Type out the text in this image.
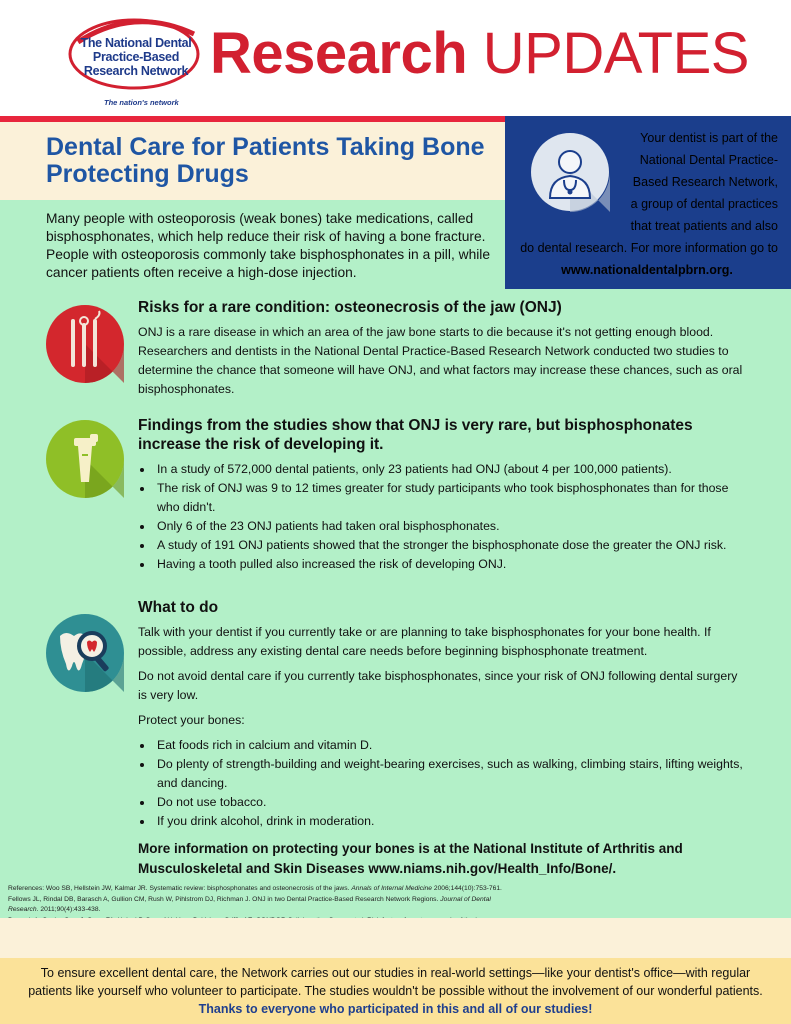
The National Dental Practice-Based Research Network
The nation's network
Research UPDATES
Dental Care for Patients Taking Bone Protecting Drugs
Your dentist is part of the
National Dental Practice-
Based Research Network,
a group of dental practices
that treat patients and also
do dental research. For more information go to
www.nationaldentalpbrn.org.
Many people with osteoporosis (weak bones) take medications, called bisphosphonates, which help reduce their risk of having a bone fracture. People with osteoporosis commonly take bisphosphonates in a pill, while cancer patients often receive a high-dose injection.
Risks for a rare condition: osteonecrosis of the jaw (ONJ)

ONJ is a rare disease in which an area of the jaw bone starts to die because it's not getting enough blood. Researchers and dentists in the National Dental Practice-Based Research Network conducted two studies to determine the chance that someone will have ONJ, and what factors may increase these chances, such as oral bisphosphonates.

Findings from the studies show that ONJ is very rare, but bisphosphonates increase the risk of developing it.
• In a study of 572,000 dental patients, only 23 patients had ONJ (about 4 per 100,000 patients).
• The risk of ONJ was 9 to 12 times greater for study participants who took bisphosphonates than for those who didn't.
• Only 6 of the 23 ONJ patients had taken oral bisphosphonates.
• A study of 191 ONJ patients showed that the stronger the bisphosphonate dose the greater the ONJ risk.
• Having a tooth pulled also increased the risk of developing ONJ.
What to do

Talk with your dentist if you currently take or are planning to take bisphosphonates for your bone health. If possible, address any existing dental care needs before beginning bisphosphonate treatment.

Do not avoid dental care if you currently take bisphosphonates, since your risk of ONJ following dental surgery is very low.

Protect your bones:

• Eat foods rich in calcium and vitamin D.
• Do plenty of strength-building and weight-bearing exercises, such as walking, climbing stairs, lifting weights, and dancing.
• Do not use tobacco.
• If you drink alcohol, drink in moderation.
More information on protecting your bones is at the National Institute of Arthritis and Musculoskeletal and Skin Diseases www.niams.nih.gov/Health_Info/Bone/.
References: Woo SB, Hellstein JW, Kalmar JR. Systematic review: bisphosphonates and osteonecrosis of the jaws. Annals of Internal Medicine 2006;144(10):753-761.
Fellows JL, Rindal DB, Barasch A, Gullion CM, Rush W, Pihlstrom DJ, Richman J. ONJ in two Dental Practice-Based Research Network Regions. Journal of Dental Research. 2011;90(4):433-438.
To ensure excellent dental care, the Network carries out our studies in real-world settings—like your dentist's office—with regular
patients like yourself who volunteer to participate. The studies wouldn't be possible without the involvement of our wonderful patients.
Thanks to everyone who participated in this and all of our studies!
